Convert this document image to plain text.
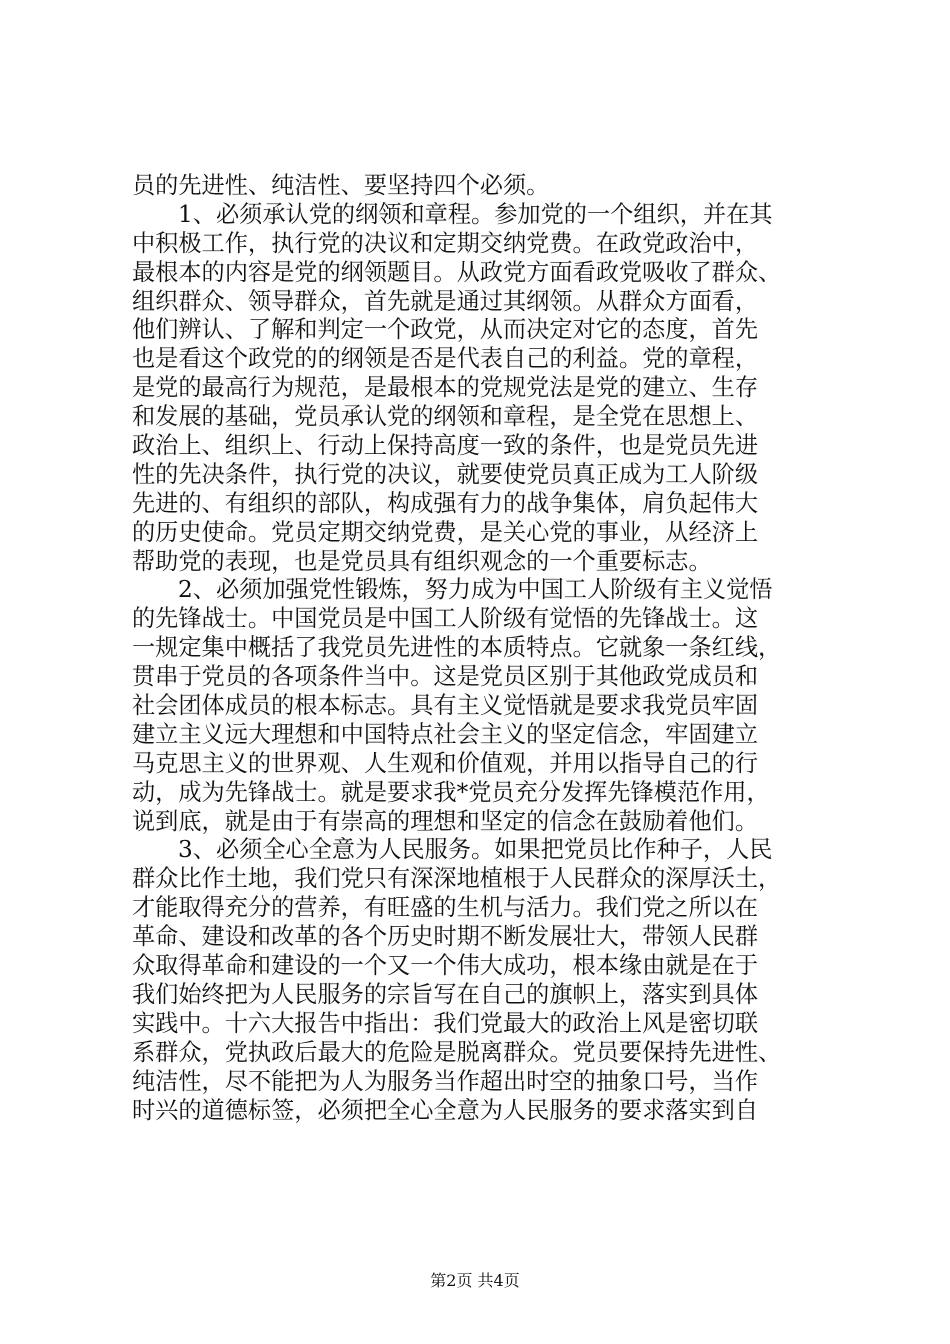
员的先进性、纯洁性、要坚持四个必须。
1、必须承认党的纲领和章程。参加党的一个组织，并在其
中积极工作，执行党的决议和定期交纳党费。在政党政治中，
最根本的内容是党的纲领题目。从政党方面看政党吸收了群众、
组织群众、领导群众，首先就是通过其纲领。从群众方面看，
他们辨认、了解和判定一个政党，从而决定对它的态度，首先
也是看这个政党的的纲领是否是代表自己的利益。党的章程，
是党的最高行为规范，是最根本的党规党法是党的建立、生存
和发展的基础，党员承认党的纲领和章程，是全党在思想上、
政治上、组织上、行动上保持高度一致的条件，也是党员先进
性的先决条件，执行党的决议，就要使党员真正成为工人阶级
先进的、有组织的部队，构成强有力的战争集体，肩负起伟大
的历史使命。党员定期交纳党费，是关心党的事业，从经济上
帮助党的表现，也是党员具有组织观念的一个重要标志。
2、必须加强党性锻炼，努力成为中国工人阶级有主义觉悟
的先锋战士。中国党员是中国工人阶级有觉悟的先锋战士。这
一规定集中概括了我党员先进性的本质特点。它就象一条红线，
贯串于党员的各项条件当中。这是党员区别于其他政党成员和
社会团体成员的根本标志。具有主义觉悟就是要求我党员牢固
建立主义远大理想和中国特点社会主义的坚定信念，牢固建立
马克思主义的世界观、人生观和价值观，并用以指导自己的行
动，成为先锋战士。就是要求我*党员充分发挥先锋模范作用，
说到底，就是由于有崇高的理想和坚定的信念在鼓励着他们。
3、必须全心全意为人民服务。如果把党员比作种子，人民
群众比作土地，我们党只有深深地植根于人民群众的深厚沃土，
才能取得充分的营养，有旺盛的生机与活力。我们党之所以在
革命、建设和改革的各个历史时期不断发展壮大，带领人民群
众取得革命和建设的一个又一个伟大成功，根本缘由就是在于
我们始终把为人民服务的宗旨写在自己的旗帜上，落实到具体
实践中。十六大报告中指出：我们党最大的政治上风是密切联
系群众，党执政后最大的危险是脱离群众。党员要保持先进性、
纯洁性，尽不能把为人为服务当作超出时空的抽象口号，当作
时兴的道德标签，必须把全心全意为人民服务的要求落实到自
第2页 共4页
